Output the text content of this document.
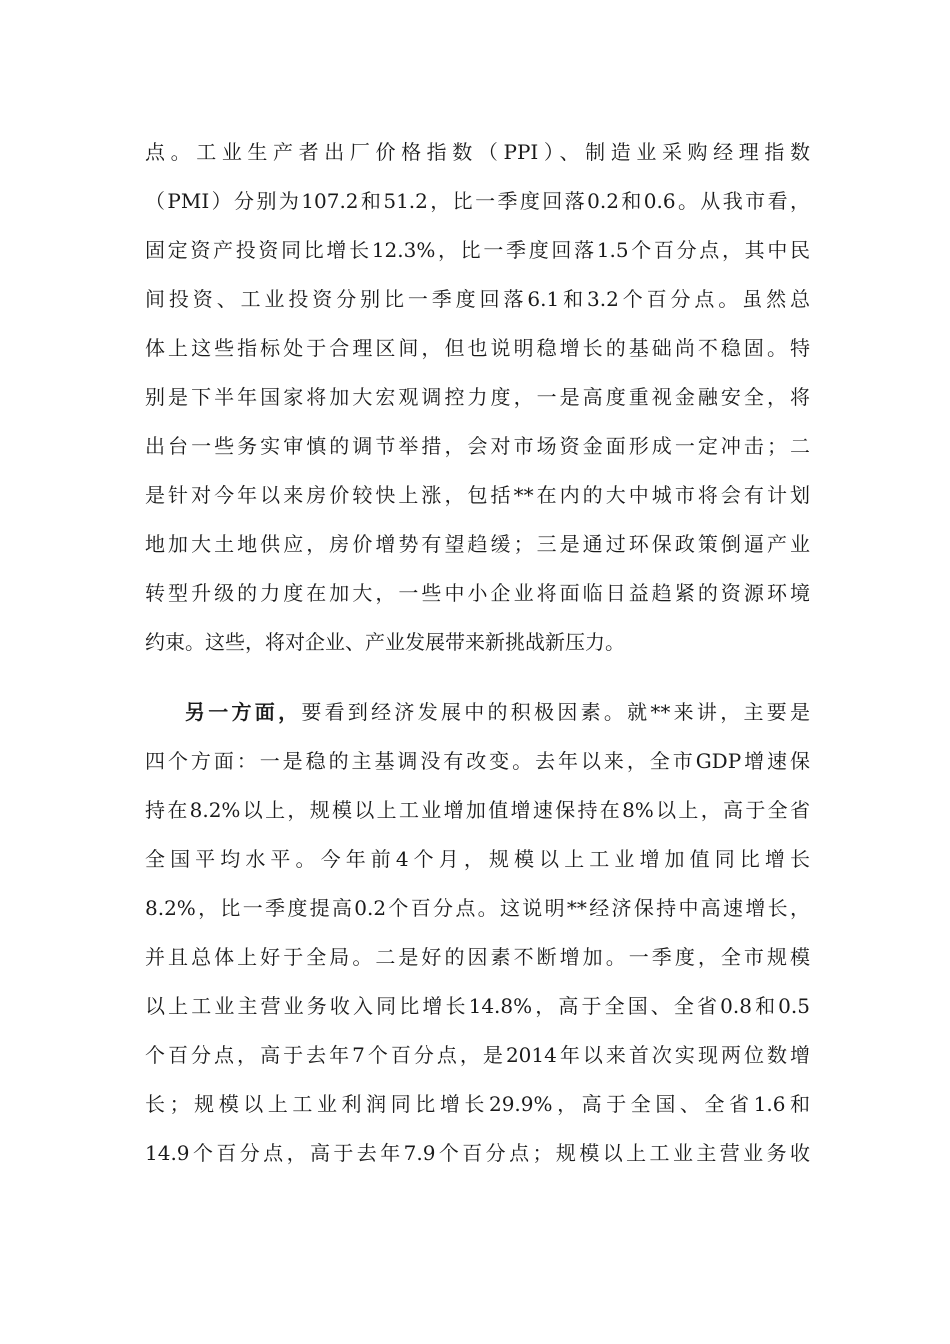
点。工业生产者出厂价格指数（PPI）、制造业采购经理指数
（PMI）分别为107.2和51.2，比一季度回落0.2和0.6。从我市看，
固定资产投资同比增长12.3%，比一季度回落1.5个百分点，其中民
间投资、工业投资分别比一季度回落6.1和3.2个百分点。虽然总
体上这些指标处于合理区间，但也说明稳增长的基础尚不稳固。特
别是下半年国家将加大宏观调控力度，一是高度重视金融安全，将
出台一些务实审慎的调节举措，会对市场资金面形成一定冲击；二
是针对今年以来房价较快上涨，包括**在内的大中城市将会有计划
地加大土地供应，房价增势有望趋缓；三是通过环保政策倒逼产业
转型升级的力度在加大，一些中小企业将面临日益趋紧的资源环境
约束。这些，将对企业、产业发展带来新挑战新压力。
另一方面，要看到经济发展中的积极因素。就**来讲，主要是
四个方面：一是稳的主基调没有改变。去年以来，全市GDP增速保
持在8.2%以上，规模以上工业增加值增速保持在8%以上，高于全省
全国平均水平。今年前4个月，规模以上工业增加值同比增长
8.2%，比一季度提高0.2个百分点。这说明**经济保持中高速增长，
并且总体上好于全局。二是好的因素不断增加。一季度，全市规模
以上工业主营业务收入同比增长14.8%，高于全国、全省0.8和0.5
个百分点，高于去年7个百分点，是2014年以来首次实现两位数增
长；规模以上工业利润同比增长29.9%，高于全国、全省1.6和
14.9个百分点，高于去年7.9个百分点；规模以上工业主营业务收
